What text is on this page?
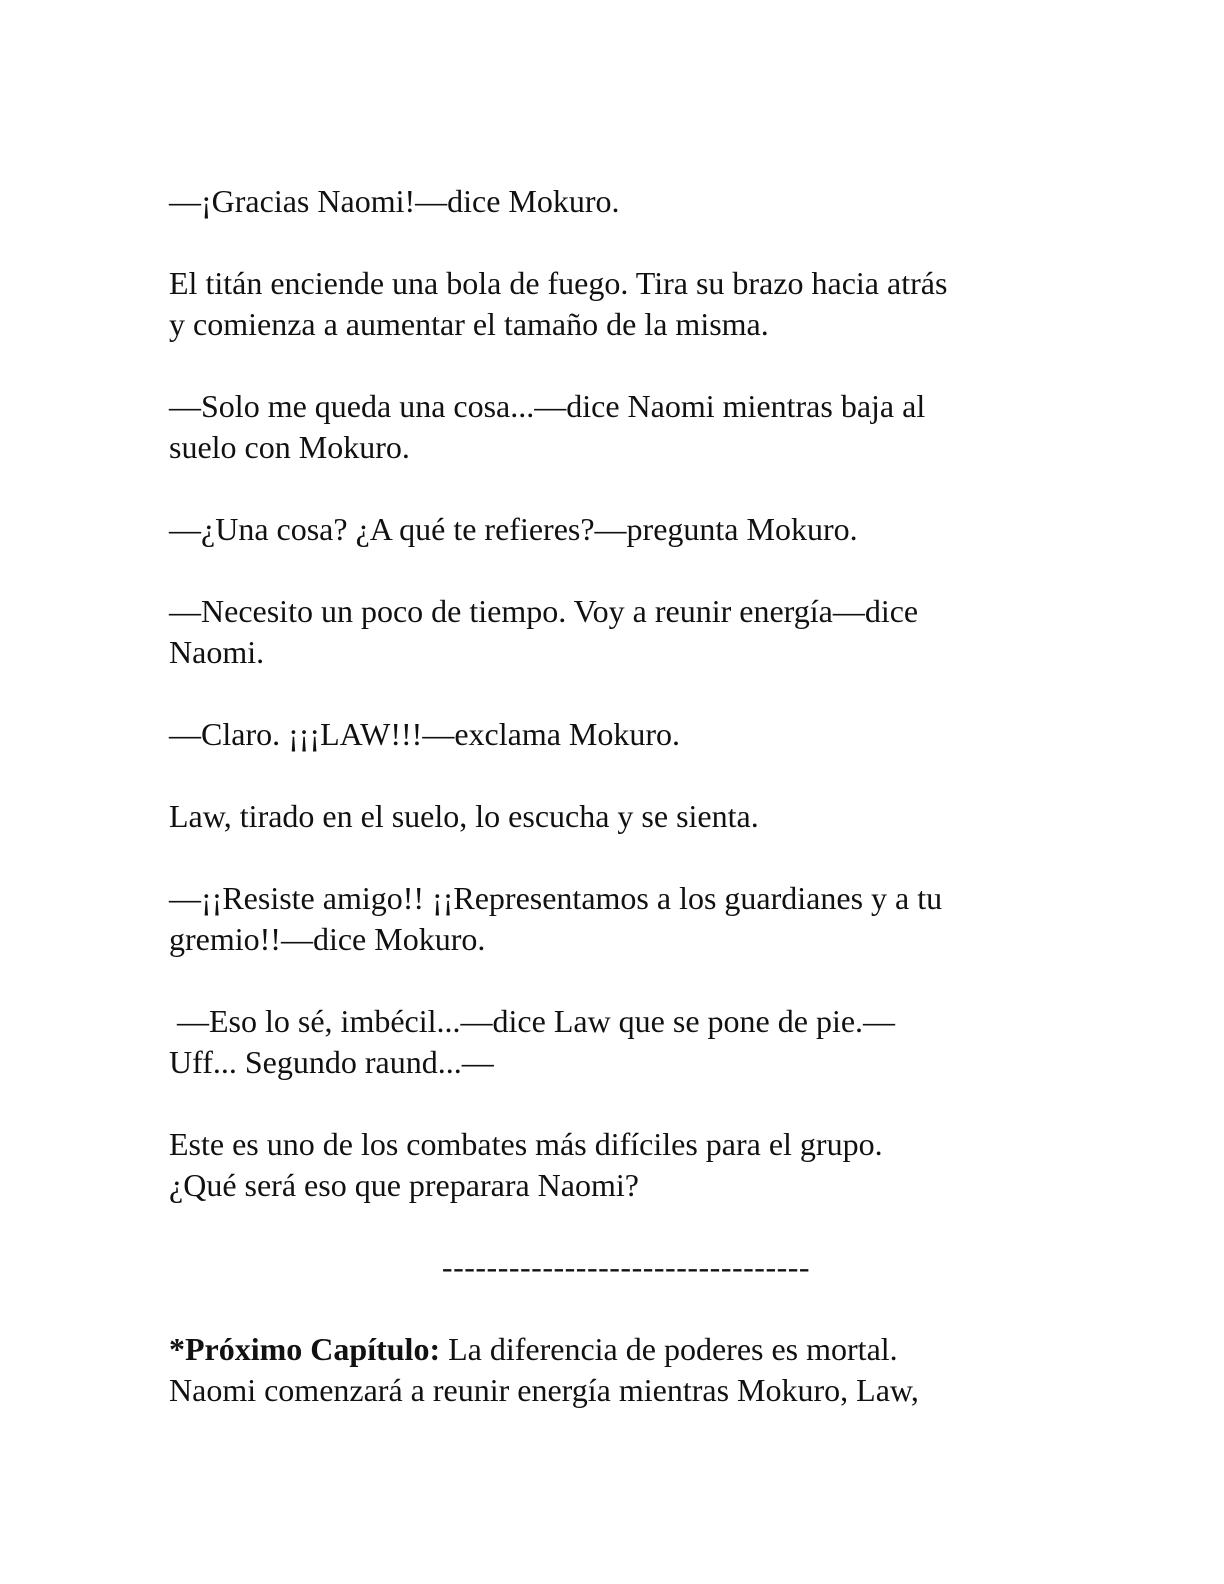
—¡Gracias Naomi!—dice Mokuro.
El titán enciende una bola de fuego. Tira su brazo hacia atrás
y comienza a aumentar el tamaño de la misma.
—Solo me queda una cosa...—dice Naomi mientras baja al
suelo con Mokuro.
—¿Una cosa? ¿A qué te refieres?—pregunta Mokuro.
—Necesito un poco de tiempo. Voy a reunir energía—dice
Naomi.
—Claro. ¡¡¡LAW!!!—exclama Mokuro.
Law, tirado en el suelo, lo escucha y se sienta.
—¡¡Resiste amigo!! ¡¡Representamos a los guardianes y a tu
gremio!!—dice Mokuro.
—Eso lo sé, imbécil...—dice Law que se pone de pie.—
Uff... Segundo raund...—
Este es uno de los combates más difíciles para el grupo.
¿Qué será eso que preparara Naomi?
---------------------------------
*Próximo Capítulo: La diferencia de poderes es mortal.
Naomi comenzará a reunir energía mientras Mokuro, Law,
